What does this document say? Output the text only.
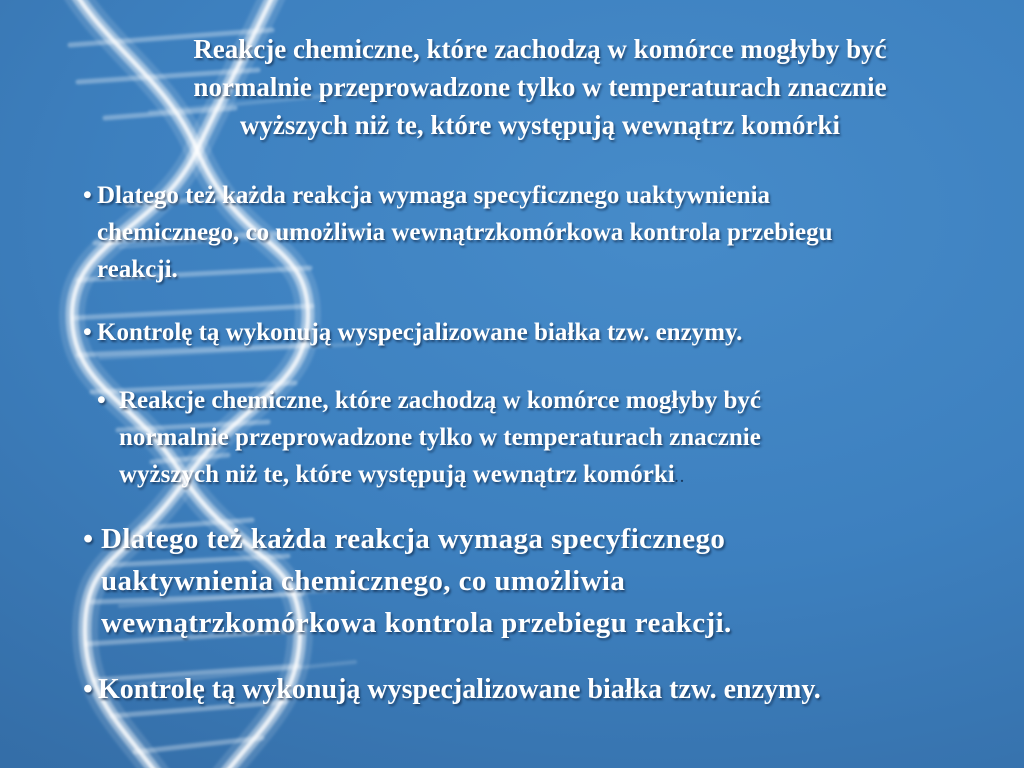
Reakcje chemiczne, które zachodzą w komórce mogłyby być
normalnie przeprowadzone tylko w temperaturach znacznie
wyższych niż te, które występują wewnątrz komórki
• Dlatego też każda reakcja wymaga specyficznego uaktywnienia
chemicznego, co umożliwia wewnątrzkomórkowa kontrola przebiegu
reakcji.
• Kontrolę tą wykonują wyspecjalizowane białka tzw. enzymy.
• Reakcje chemiczne, które zachodzą w komórce mogłyby być
normalnie przeprowadzone tylko w temperaturach znacznie
wyższych niż te, które występują wewnątrz komórki..
• Dlatego też każda reakcja wymaga specyficznego
uaktywnienia chemicznego, co umożliwia
wewnątrzkomórkowa kontrola przebiegu reakcji.
• Kontrolę tą wykonują wyspecjalizowane białka tzw. enzymy.
